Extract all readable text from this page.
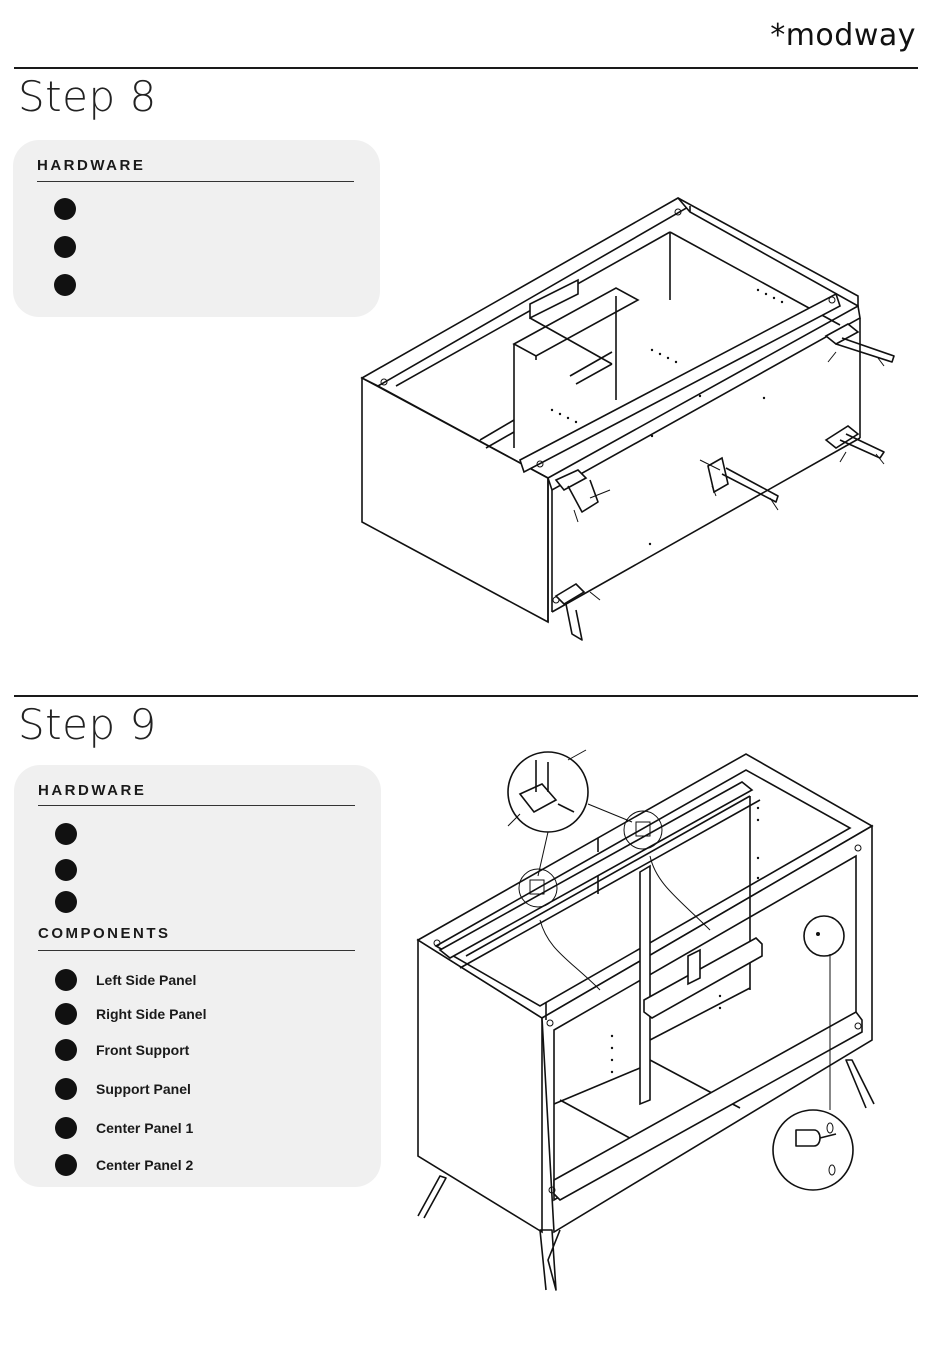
*modway
Step 8
HARDWARE
Step 9
HARDWARE
COMPONENTS
Left Side Panel
Right Side Panel
Front Support
Support Panel
Center Panel 1
Center Panel 2
